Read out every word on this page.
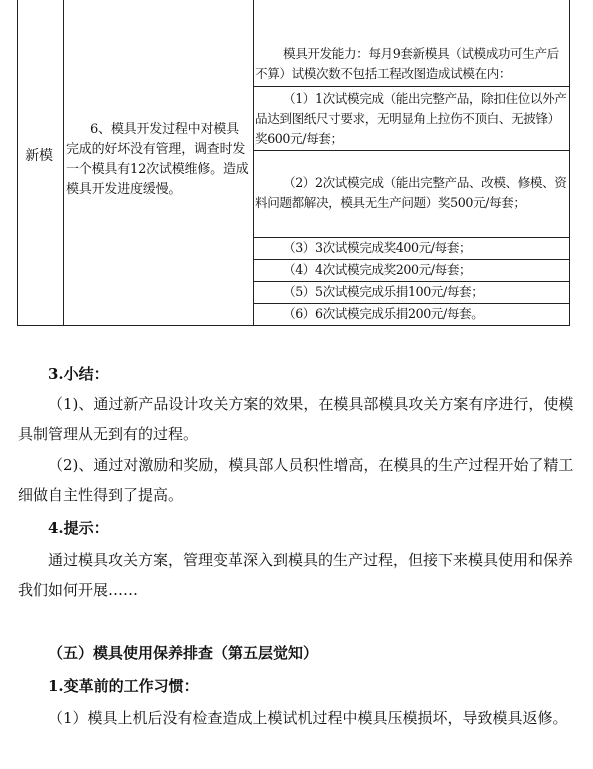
新模
6、模具开发过程中对模具完成的好坏没有管理，调查时发一个模具有12次试模维修。造成模具开发进度缓慢。
模具开发能力：每月9套新模具（试模成功可生产后不算）试模次数不包括工程改图造成试模在内：
（1）1次试模完成（能出完整产品，除扣住位以外产品达到图纸尺寸要求，无明显角上拉伤不顶白、无披锋）奖600元/每套；
（2）2次试模完成（能出完整产品、改模、修模、资料问题都解决，模具无生产问题）奖500元/每套；
（3）3次试模完成奖400元/每套；
（4）4次试模完成奖200元/每套；
（5）5次试模完成乐捐100元/每套；
（6）6次试模完成乐捐200元/每套。
3.小结：
（1)、通过新产品设计攻关方案的效果，在模具部模具攻关方案有序进行，使模具制管理从无到有的过程。
（2)、通过对激励和奖励，模具部人员积性增高，在模具的生产过程开始了精工细做自主性得到了提高。
4.提示：
通过模具攻关方案，管理变革深入到模具的生产过程，但接下来模具使用和保养我们如何开展……
（五）模具使用保养排查（第五层觉知）
1.变革前的工作习惯：
（1）模具上机后没有检查造成上模试机过程中模具压模损坏，导致模具返修。
